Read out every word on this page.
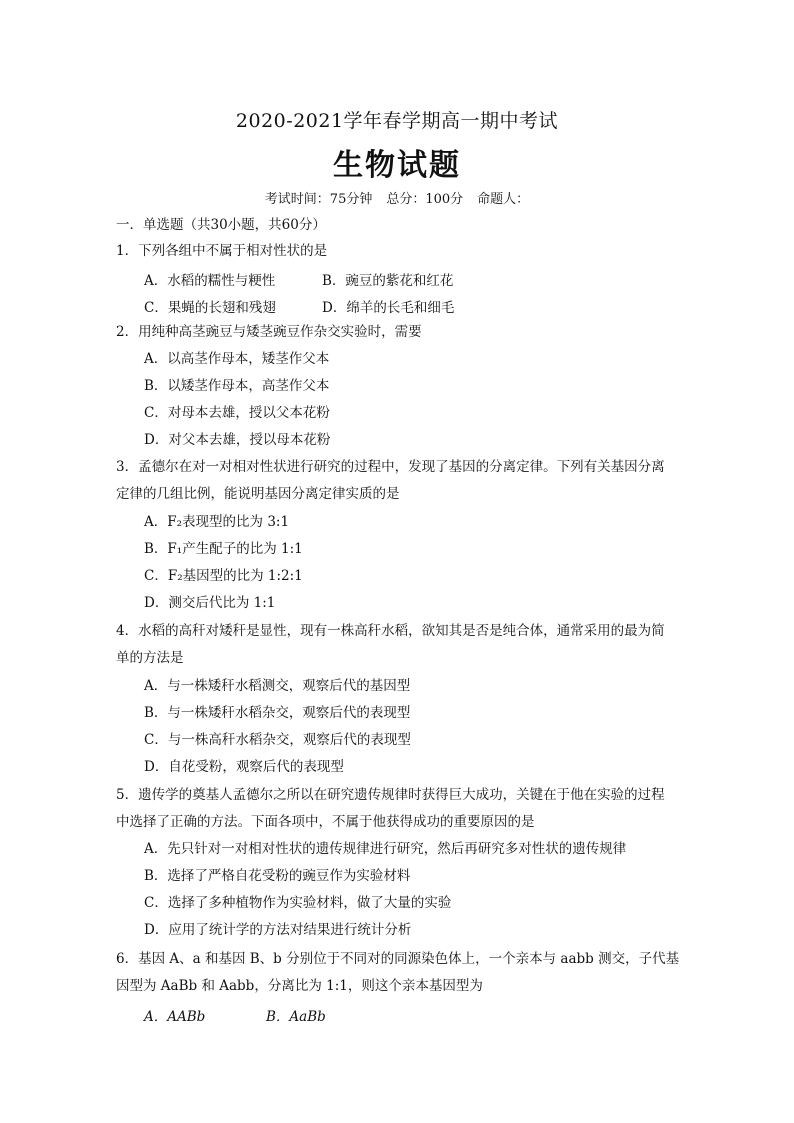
2020-2021学年春学期高一期中考试
生物试题
考试时间：75分钟 总分：100分 命题人：
一．单选题（共30小题，共60分）
1．下列各组中不属于相对性状的是
A．水稻的糯性与粳性	B．豌豆的紫花和红花
C．果蝇的长翅和残翅	D．绵羊的长毛和细毛
2．用纯种高茎豌豆与矮茎豌豆作杂交实验时，需要
A．以高茎作母本，矮茎作父本
B．以矮茎作母本，高茎作父本
C．对母本去雄，授以父本花粉
D．对父本去雄，授以母本花粉
3．孟德尔在对一对相对性状进行研究的过程中，发现了基因的分离定律。下列有关基因分离
定律的几组比例，能说明基因分离定律实质的是
A．F₂表现型的比为 3:1
B．F₁产生配子的比为 1:1
C．F₂基因型的比为 1:2:1
D．测交后代比为 1:1
4．水稻的高秆对矮秆是显性，现有一株高秆水稻，欲知其是否是纯合体，通常采用的最为简
单的方法是
A．与一株矮秆水稻测交，观察后代的基因型
B．与一株矮秆水稻杂交，观察后代的表现型
C．与一株高秆水稻杂交，观察后代的表现型
D．自花受粉，观察后代的表现型
5．遗传学的奠基人孟德尔之所以在研究遗传规律时获得巨大成功，关键在于他在实验的过程
中选择了正确的方法。下面各项中，不属于他获得成功的重要原因的是
A．先只针对一对相对性状的遗传规律进行研究，然后再研究多对性状的遗传规律
B．选择了严格自花受粉的豌豆作为实验材料
C．选择了多种植物作为实验材料，做了大量的实验
D．应用了统计学的方法对结果进行统计分析
6．基因 A、a 和基因 B、b 分别位于不同对的同源染色体上，一个亲本与 aabb 测交，子代基
因型为 AaBb 和 Aabb，分离比为 1:1，则这个亲本基因型为
A．AABb	B．AaBb
